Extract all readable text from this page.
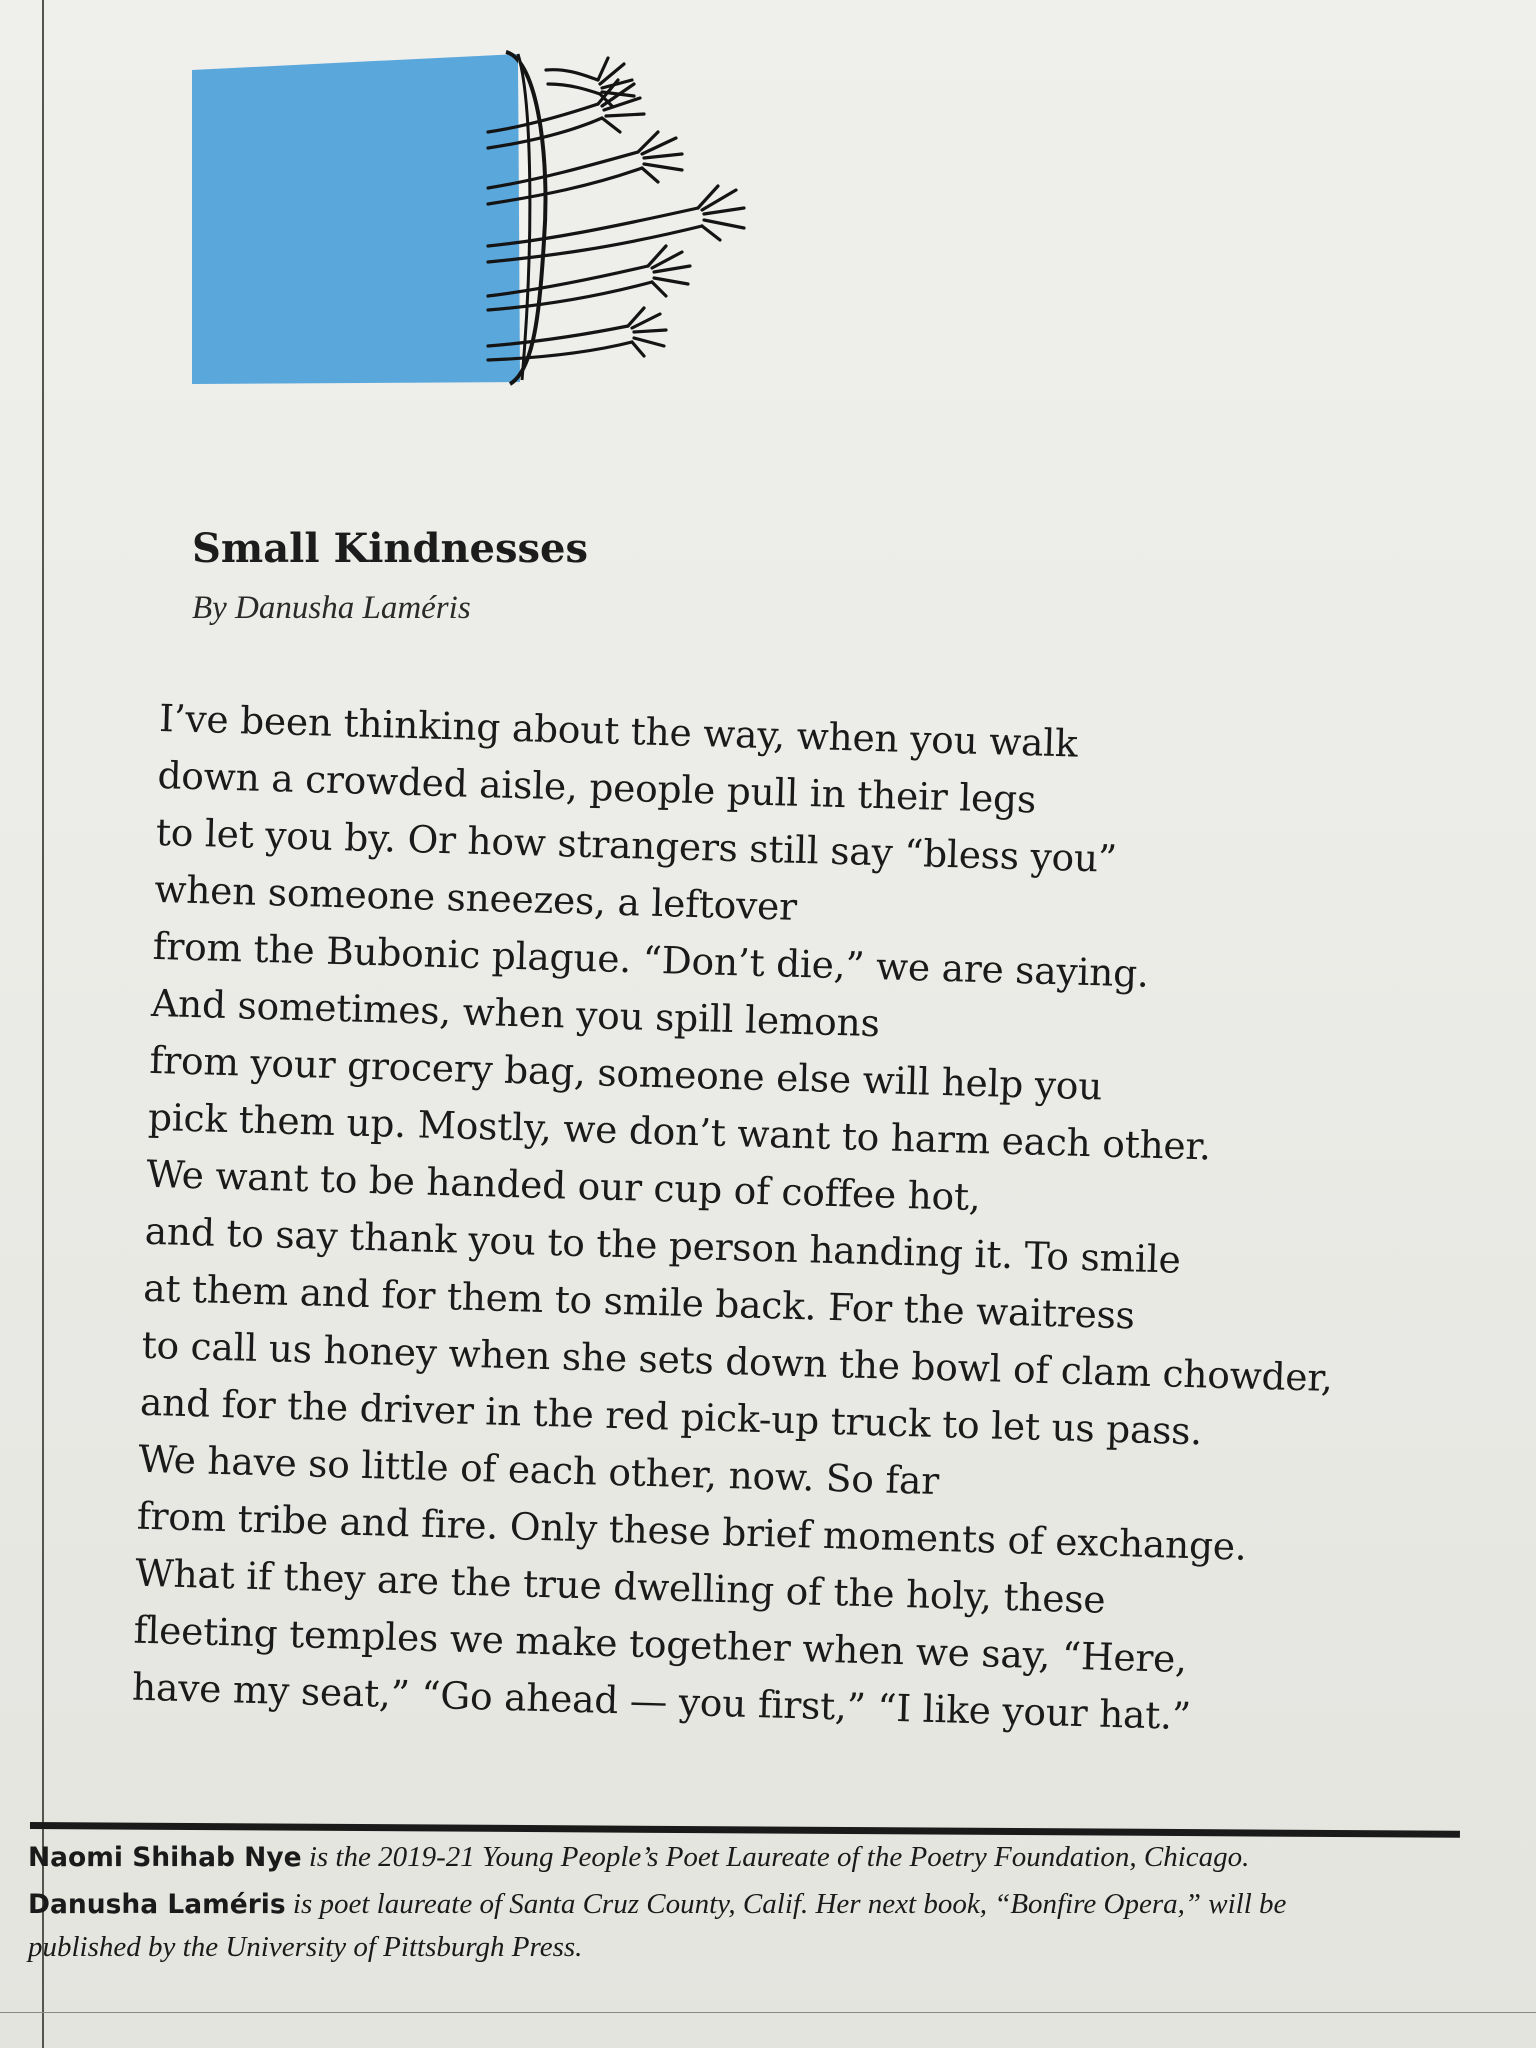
Small Kindnesses

By Danusha Laméris

I’ve been thinking about the way, when you walk
down a crowded aisle, people pull in their legs
to let you by. Or how strangers still say “bless you”
when someone sneezes, a leftover
from the Bubonic plague. “Don’t die,” we are saying.
And sometimes, when you spill lemons
from your grocery bag, someone else will help you
pick them up. Mostly, we don’t want to harm each other.
We want to be handed our cup of coffee hot,
and to say thank you to the person handing it. To smile
at them and for them to smile back. For the waitress
to call us honey when she sets down the bowl of clam chowder,
and for the driver in the red pick-up truck to let us pass.
We have so little of each other, now. So far
from tribe and fire. Only these brief moments of exchange.
What if they are the true dwelling of the holy, these
fleeting temples we make together when we say, “Here,
have my seat,” “Go ahead — you first,” “I like your hat.”

Naomi Shihab Nye is the 2019-21 Young People’s Poet Laureate of the Poetry Foundation, Chicago.

Danusha Laméris is poet laureate of Santa Cruz County, Calif. Her next book, “Bonfire Opera,” will be

published by the University of Pittsburgh Press.
